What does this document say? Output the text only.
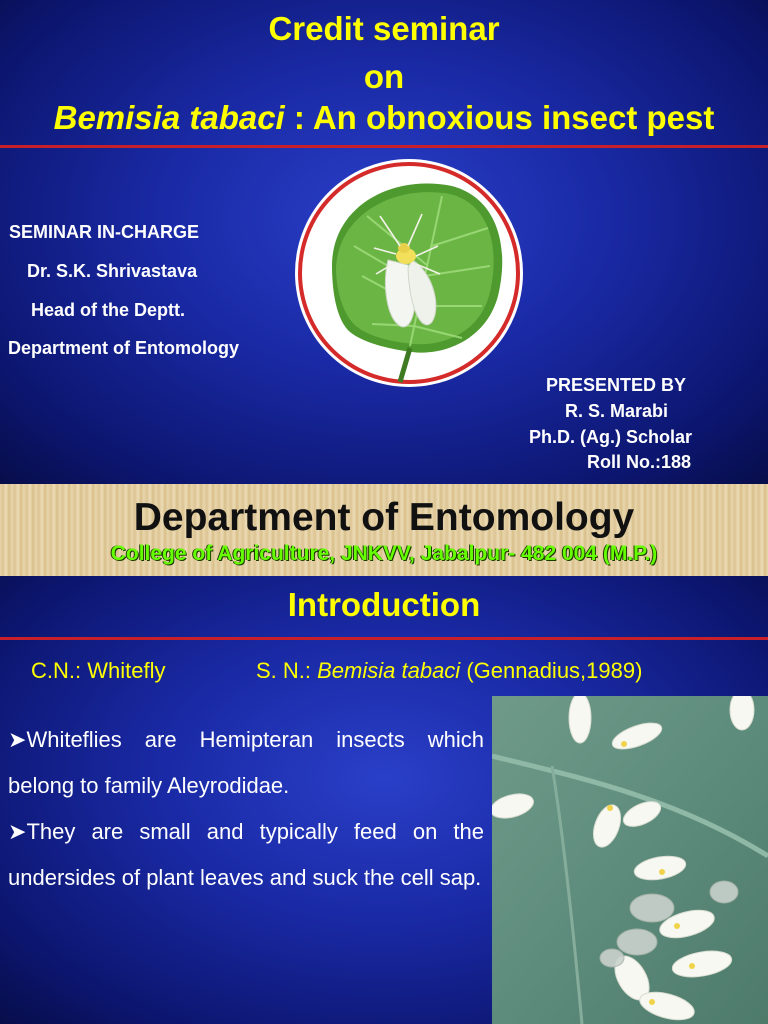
Credit seminar
on
Bemisia tabaci : An obnoxious insect pest
SEMINAR IN-CHARGE
Dr. S.K. Shrivastava
Head of the Deptt.
Department of Entomology
PRESENTED BY
R. S. Marabi
Ph.D. (Ag.) Scholar
Roll No.:188
Department of Entomology
College of Agriculture, JNKVV, Jabalpur- 482 004 (M.P.)
Introduction
C.N.: Whitefly	S. N.: Bemisia tabaci (Gennadius,1989)

➤Whiteflies are Hemipteran insects which belong to family Aleyrodidae.

➤They are small and typically feed on the undersides of plant leaves and suck the cell sap.
